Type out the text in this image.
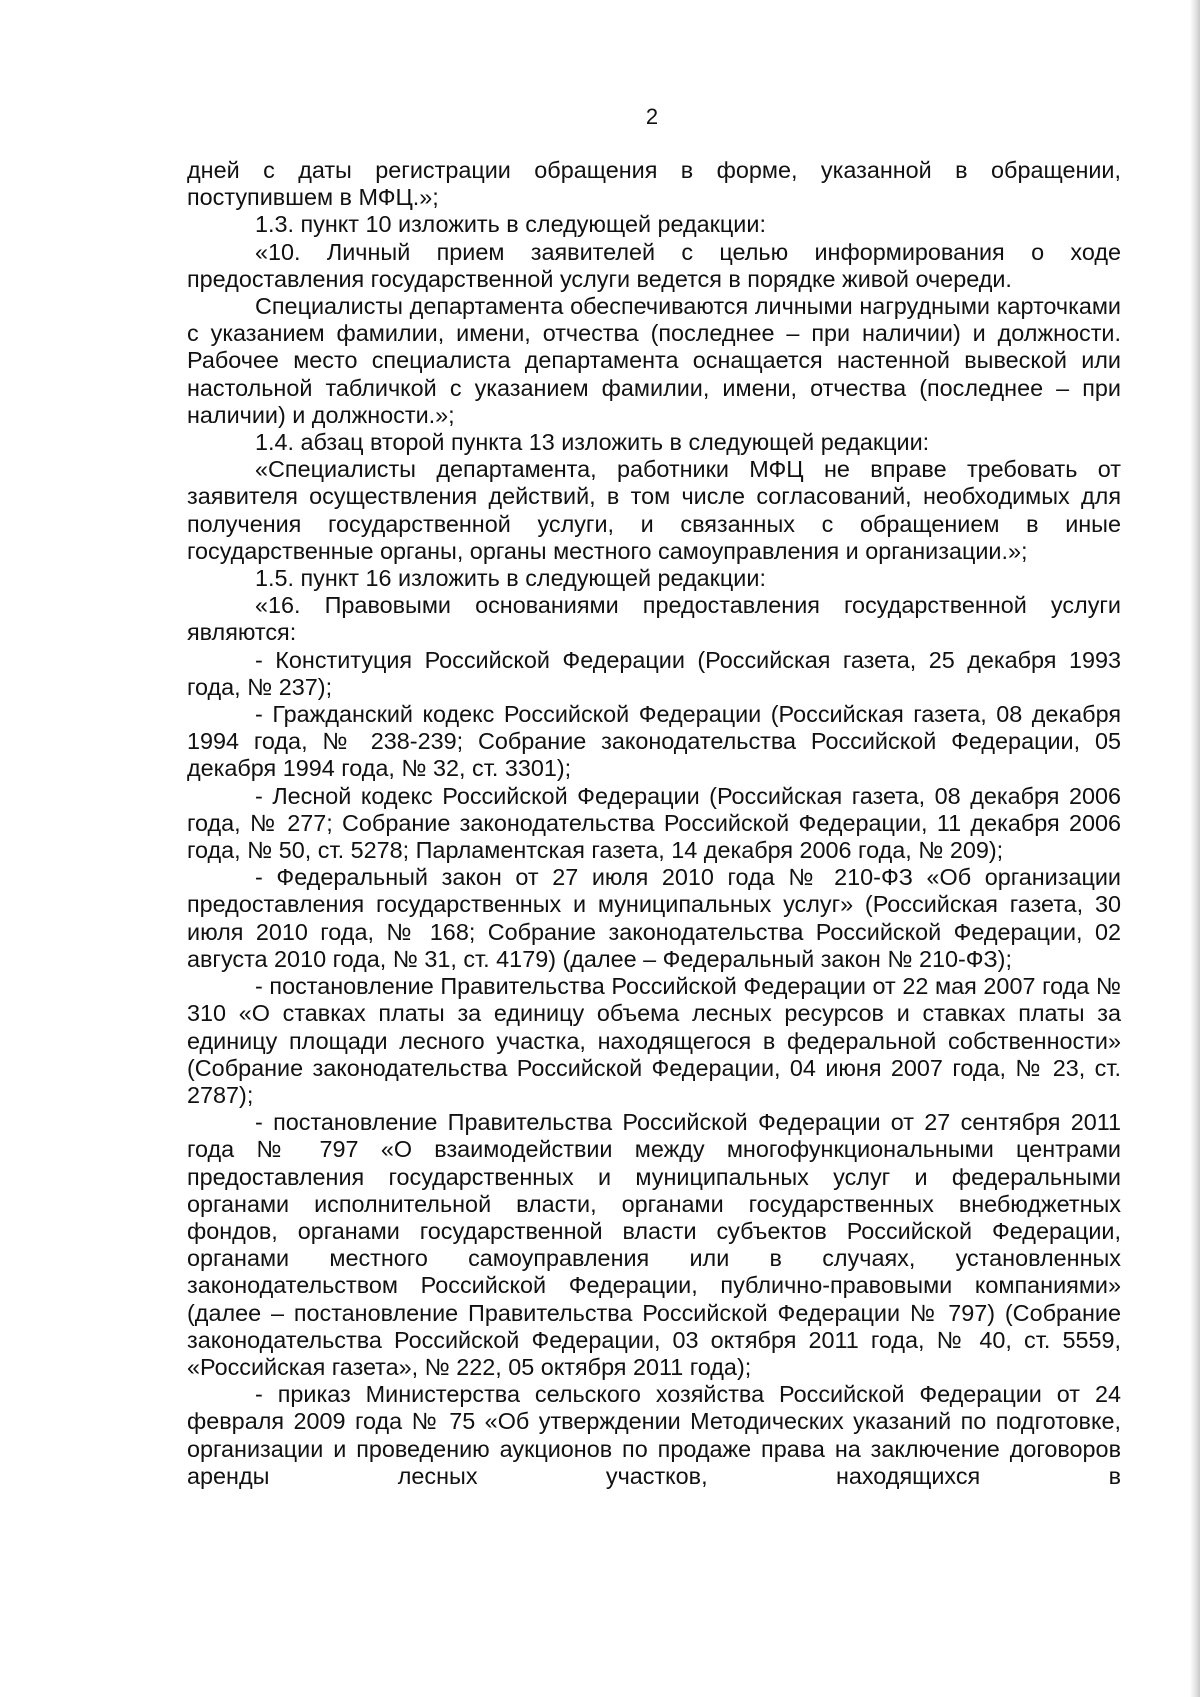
2

дней с даты регистрации обращения в форме, указанной в обращении, поступившем в МФЦ.»;

1.3. пункт 10 изложить в следующей редакции:

«10. Личный прием заявителей с целью информирования о ходе предоставления государственной услуги ведется в порядке живой очереди.

Специалисты департамента обеспечиваются личными нагрудными карточками с указанием фамилии, имени, отчества (последнее – при наличии) и должности. Рабочее место специалиста департамента оснащается настенной вывеской или настольной табличкой с указанием фамилии, имени, отчества (последнее – при наличии) и должности.»;

1.4. абзац второй пункта 13 изложить в следующей редакции:

«Специалисты департамента, работники МФЦ не вправе требовать от заявителя осуществления действий, в том числе согласований, необходимых для получения государственной услуги, и связанных с обращением в иные государственные органы, органы местного самоуправления и организации.»;

1.5. пункт 16 изложить в следующей редакции:

«16. Правовыми основаниями предоставления государственной услуги являются:

- Конституция Российской Федерации (Российская газета, 25 декабря 1993 года, № 237);

- Гражданский кодекс Российской Федерации (Российская газета, 08 декабря 1994 года, № 238-239; Собрание законодательства Российской Федерации, 05 декабря 1994 года, № 32, ст. 3301);

- Лесной кодекс Российской Федерации (Российская газета, 08 декабря 2006 года, № 277; Собрание законодательства Российской Федерации, 11 декабря 2006 года, № 50, ст. 5278; Парламентская газета, 14 декабря 2006 года, № 209);

- Федеральный закон от 27 июля 2010 года № 210-ФЗ «Об организации предоставления государственных и муниципальных услуг» (Российская газета, 30 июля 2010 года, № 168; Собрание законодательства Российской Федерации, 02 августа 2010 года, № 31, ст. 4179) (далее – Федеральный закон № 210-ФЗ);

- постановление Правительства Российской Федерации от 22 мая 2007 года № 310 «О ставках платы за единицу объема лесных ресурсов и ставках платы за единицу площади лесного участка, находящегося в федеральной собственности» (Собрание законодательства Российской Федерации, 04 июня 2007 года, № 23, ст. 2787);

- постановление Правительства Российской Федерации от 27 сентября 2011 года № 797 «О взаимодействии между многофункциональными центрами предоставления государственных и муниципальных услуг и федеральными органами исполнительной власти, органами государственных внебюджетных фондов, органами государственной власти субъектов Российской Федерации, органами местного самоуправления или в случаях, установленных законодательством Российской Федерации, публично-правовыми компаниями» (далее – постановление Правительства Российской Федерации № 797) (Собрание законодательства Российской Федерации, 03 октября 2011 года, № 40, ст. 5559, «Российская газета», № 222, 05 октября 2011 года);

- приказ Министерства сельского хозяйства Российской Федерации от 24 февраля 2009 года № 75 «Об утверждении Методических указаний по подготовке, организации и проведению аукционов по продаже права на заключение договоров аренды лесных участков, находящихся в
